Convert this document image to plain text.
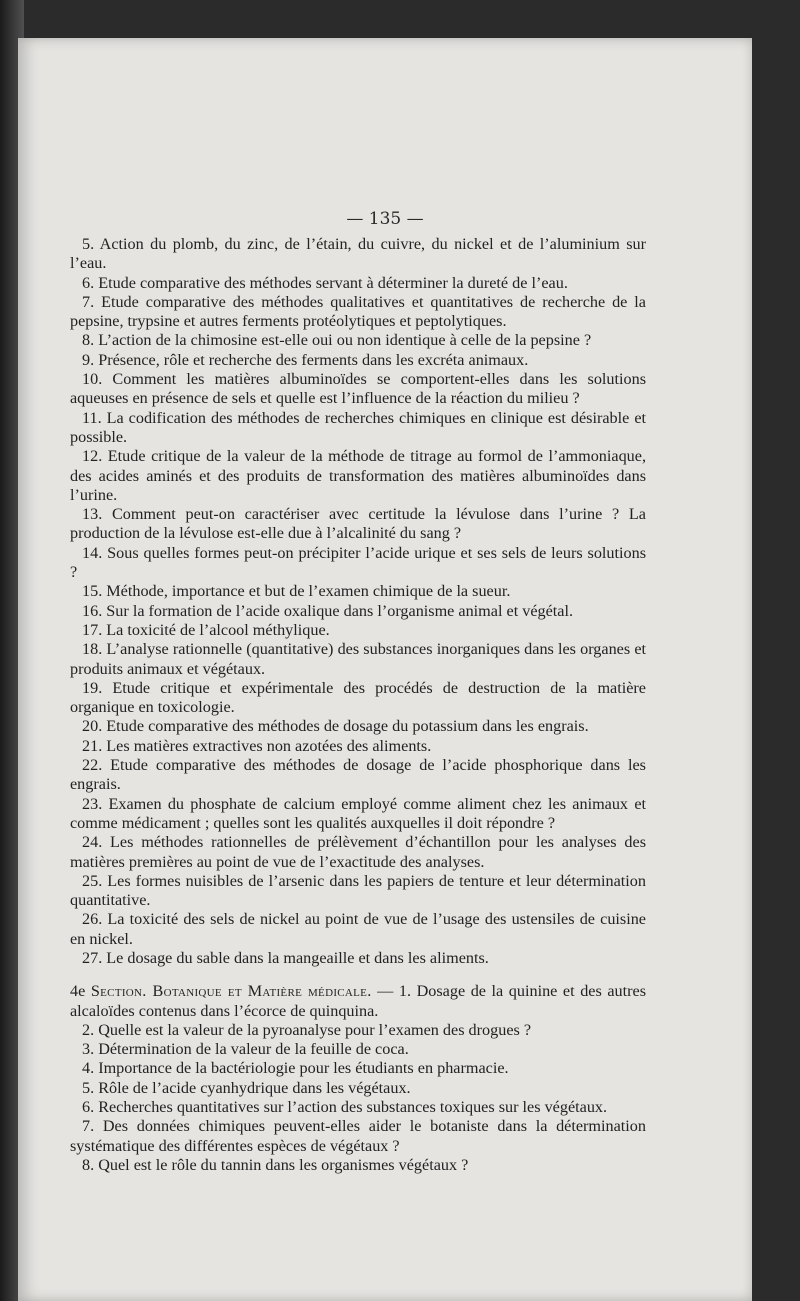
— 135 —

5. Action du plomb, du zinc, de l’étain, du cuivre, du nickel et de l’aluminium sur l’eau.

6. Etude comparative des méthodes servant à déterminer la dureté de l’eau.

7. Etude comparative des méthodes qualitatives et quantitatives de recherche de la pepsine, trypsine et autres ferments protéolytiques et peptolytiques.

8. L’action de la chimosine est-elle oui ou non identique à celle de la pepsine ?

9. Présence, rôle et recherche des ferments dans les excréta animaux.

10. Comment les matières albuminoïdes se comportent-elles dans les solutions aqueuses en présence de sels et quelle est l’influence de la réaction du milieu ?

11. La codification des méthodes de recherches chimiques en clinique est désirable et possible.

12. Etude critique de la valeur de la méthode de titrage au formol de l’ammoniaque, des acides aminés et des produits de transformation des matières albuminoïdes dans l’urine.

13. Comment peut-on caractériser avec certitude la lévulose dans l’urine ? La production de la lévulose est-elle due à l’alcalinité du sang ?

14. Sous quelles formes peut-on précipiter l’acide urique et ses sels de leurs solutions ?

15. Méthode, importance et but de l’examen chimique de la sueur.

16. Sur la formation de l’acide oxalique dans l’organisme animal et végétal.

17. La toxicité de l’alcool méthylique.

18. L’analyse rationnelle (quantitative) des substances inorganiques dans les organes et produits animaux et végétaux.

19. Etude critique et expérimentale des procédés de destruction de la matière organique en toxicologie.

20. Etude comparative des méthodes de dosage du potassium dans les engrais.

21. Les matières extractives non azotées des aliments.

22. Etude comparative des méthodes de dosage de l’acide phosphorique dans les engrais.

23. Examen du phosphate de calcium employé comme aliment chez les animaux et comme médicament ; quelles sont les qualités auxquelles il doit répondre ?

24. Les méthodes rationnelles de prélèvement d’échantillon pour les analyses des matières premières au point de vue de l’exactitude des analyses.

25. Les formes nuisibles de l’arsenic dans les papiers de tenture et leur détermination quantitative.

26. La toxicité des sels de nickel au point de vue de l’usage des ustensiles de cuisine en nickel.

27. Le dosage du sable dans la mangeaille et dans les aliments.

4e Section. Botanique et Matière médicale. — 1. Dosage de la quinine et des autres alcaloïdes contenus dans l’écorce de quinquina.

2. Quelle est la valeur de la pyroanalyse pour l’examen des drogues ?

3. Détermination de la valeur de la feuille de coca.

4. Importance de la bactériologie pour les étudiants en pharmacie.

5. Rôle de l’acide cyanhydrique dans les végétaux.

6. Recherches quantitatives sur l’action des substances toxiques sur les végétaux.

7. Des données chimiques peuvent-elles aider le botaniste dans la détermination systématique des différentes espèces de végétaux ?

8. Quel est le rôle du tannin dans les organismes végétaux ?
